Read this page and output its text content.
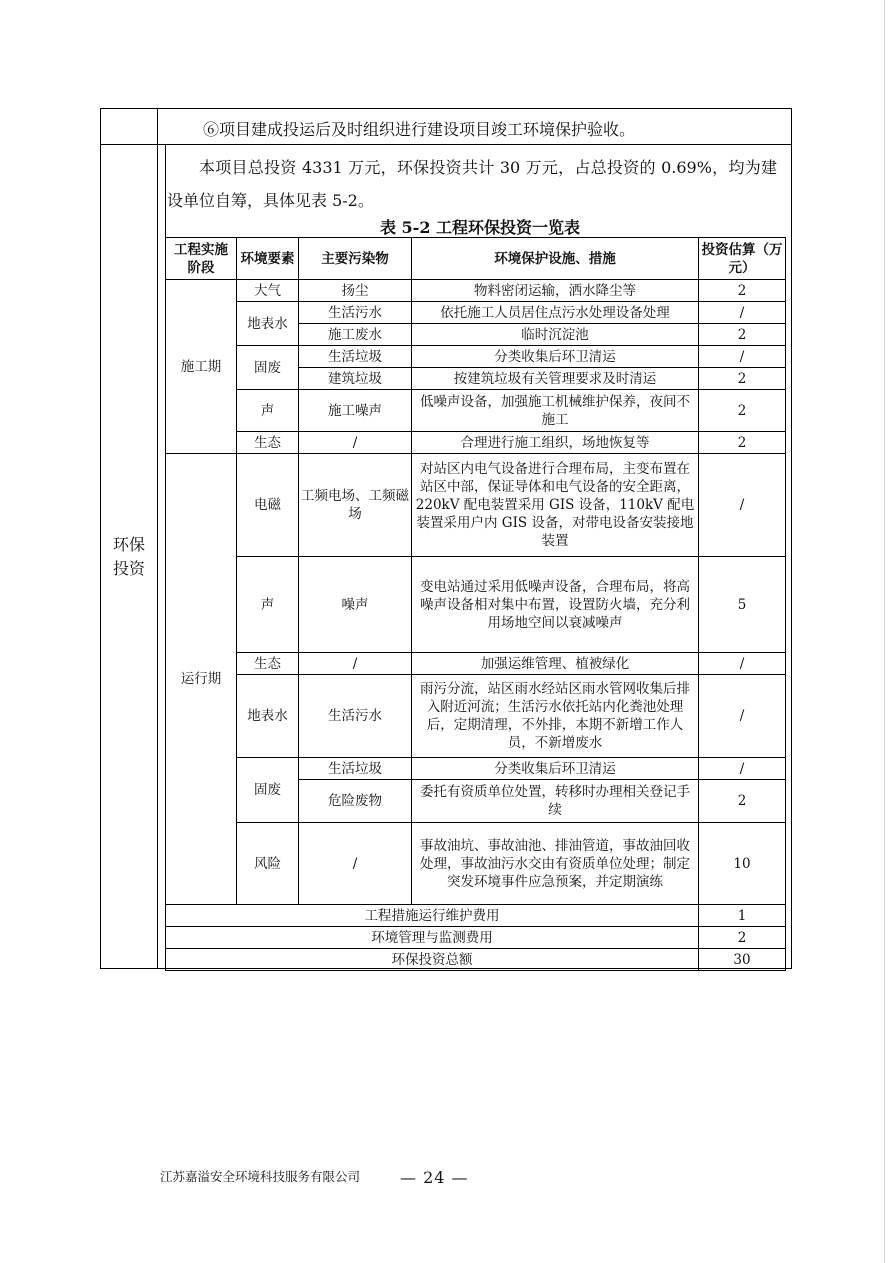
⑥项目建成投运后及时组织进行建设项目竣工环境保护验收。
环保投资
本项目总投资 4331 万元，环保投资共计 30 万元，占总投资的 0.69%，均为建设单位自筹，具体见表 5-2。
表 5-2 工程环保投资一览表
工程实施阶段	环境要素	主要污染物	环境保护设施、措施	投资估算（万元）
施工期	大气	扬尘	物料密闭运输，洒水降尘等	2
	地表水	生活污水	依托施工人员居住点污水处理设备处理	/
		施工废水	临时沉淀池	2
	固废	生活垃圾	分类收集后环卫清运	/
		建筑垃圾	按建筑垃圾有关管理要求及时清运	2
	声	施工噪声	低噪声设备，加强施工机械维护保养，夜间不施工	2
	生态	/	合理进行施工组织，场地恢复等	2
运行期	电磁	工频电场、工频磁场	对站区内电气设备进行合理布局，主变布置在站区中部，保证导体和电气设备的安全距离，220kV 配电装置采用 GIS 设备，110kV 配电装置采用户内 GIS 设备，对带电设备安装接地装置	/
	声	噪声	变电站通过采用低噪声设备，合理布局，将高噪声设备相对集中布置，设置防火墙，充分利用场地空间以衰减噪声	5
	生态	/	加强运维管理、植被绿化	/
	地表水	生活污水	雨污分流，站区雨水经站区雨水管网收集后排入附近河流；生活污水依托站内化粪池处理后，定期清理，不外排，本期不新增工作人员，不新增废水	/
	固废	生活垃圾	分类收集后环卫清运	/
		危险废物	委托有资质单位处置，转移时办理相关登记手续	2
	风险	/	事故油坑、事故油池、排油管道，事故油回收处理，事故油污水交由有资质单位处理；制定突发环境事件应急预案，并定期演练	10
工程措施运行维护费用				1
环境管理与监测费用				2
环保投资总额				30
江苏嘉溢安全环境科技服务有限公司 — 24 —
